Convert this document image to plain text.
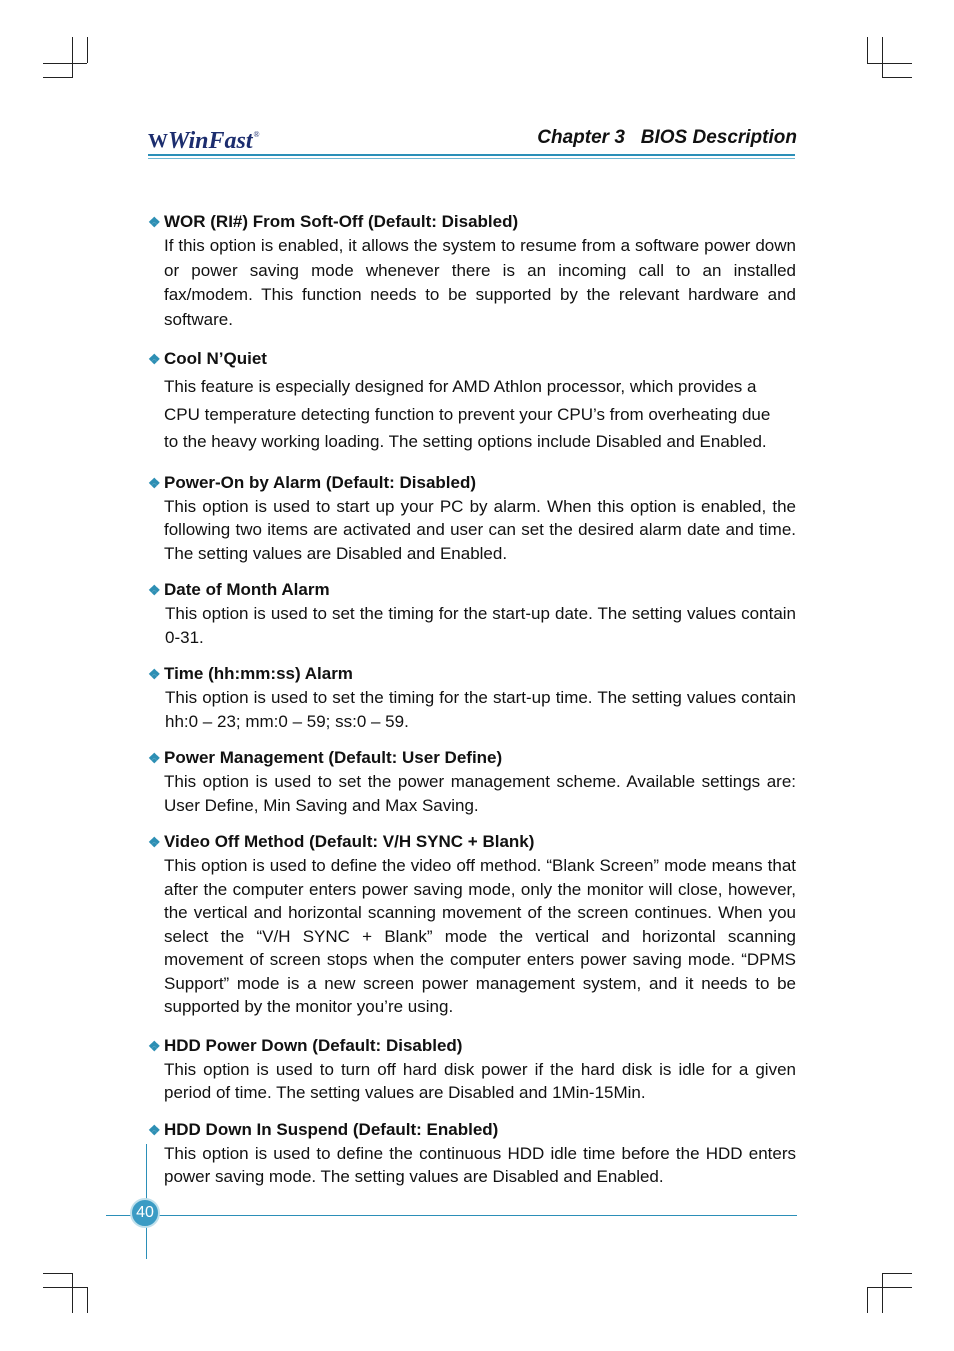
W WinFast ®	Chapter 3   BIOS Description
❖ WOR (RI#) From Soft-Off (Default: Disabled)

If this option is enabled, it allows the system to resume from a software power down or power saving mode whenever there is an incoming call to an installed fax/modem. This function needs to be supported by the relevant hardware and software.

❖ Cool N’Quiet

This feature is especially designed for AMD Athlon processor, which provides a CPU temperature detecting function to prevent your CPU’s from overheating due to the heavy working loading. The setting options include Disabled and Enabled.

❖ Power-On by Alarm (Default: Disabled)

This option is used to start up your PC by alarm. When this option is enabled, the following two items are activated and user can set the desired alarm date and time. The setting values are Disabled and Enabled.

❖ Date of Month Alarm

This option is used to set the timing for the start-up date. The setting values contain 0-31.

❖ Time (hh:mm:ss) Alarm

This option is used to set the timing for the start-up time. The setting values contain hh:0 – 23; mm:0 – 59; ss:0 – 59.

❖ Power Management (Default: User Define)

This option is used to set the power management scheme. Available settings are: User Define, Min Saving and Max Saving.

❖ Video Off Method (Default: V/H SYNC + Blank)

This option is used to define the video off method. “Blank Screen” mode means that after the computer enters power saving mode, only the monitor will close, however, the vertical and horizontal scanning movement of the screen continues. When you select the “V/H SYNC + Blank” mode the vertical and horizontal scanning movement of screen stops when the computer enters power saving mode. “DPMS Support” mode is a new screen power management system, and it needs to be supported by the monitor you’re using.

❖ HDD Power Down (Default: Disabled)

This option is used to turn off hard disk power if the hard disk is idle for a given period of time. The setting values are Disabled and 1Min-15Min.

❖ HDD Down In Suspend (Default: Enabled)

This option is used to define the continuous HDD idle time before the HDD enters power saving mode. The setting values are Disabled and Enabled.

40
